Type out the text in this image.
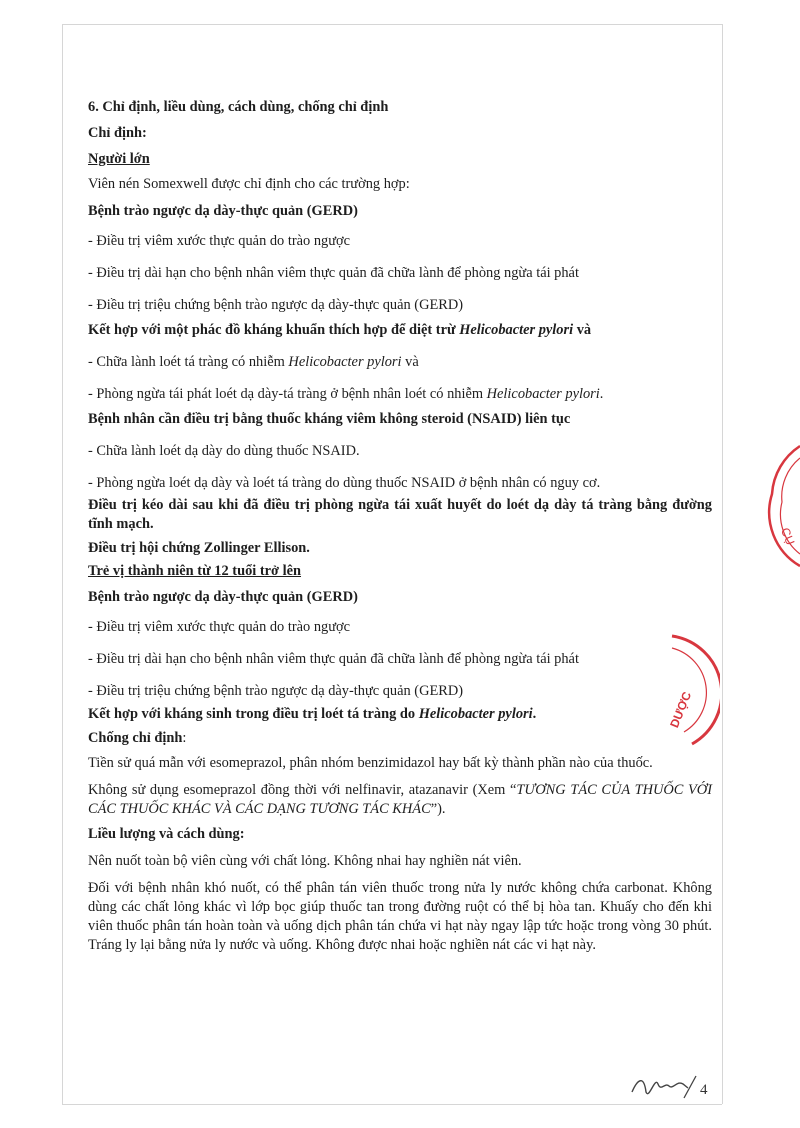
6. Chỉ định, liều dùng, cách dùng, chống chỉ định

Chỉ định:

Người lớn

Viên nén Somexwell được chỉ định cho các trường hợp:

Bệnh trào ngược dạ dày-thực quản (GERD)

- Điều trị viêm xước thực quản do trào ngược

- Điều trị dài hạn cho bệnh nhân viêm thực quản đã chữa lành để phòng ngừa tái phát

- Điều trị triệu chứng bệnh trào ngược dạ dày-thực quản (GERD)

Kết hợp với một phác đồ kháng khuẩn thích hợp để diệt trừ Helicobacter pylori và

- Chữa lành loét tá tràng có nhiễm Helicobacter pylori và

- Phòng ngừa tái phát loét dạ dày-tá tràng ở bệnh nhân loét có nhiễm Helicobacter pylori.

Bệnh nhân cần điều trị bằng thuốc kháng viêm không steroid (NSAID) liên tục

- Chữa lành loét dạ dày do dùng thuốc NSAID.

- Phòng ngừa loét dạ dày và loét tá tràng do dùng thuốc NSAID ở bệnh nhân có nguy cơ.

Điều trị kéo dài sau khi đã điều trị phòng ngừa tái xuất huyết do loét dạ dày tá tràng bằng đường tĩnh mạch.

Điều trị hội chứng Zollinger Ellison.

Trẻ vị thành niên từ 12 tuổi trở lên

Bệnh trào ngược dạ dày-thực quản (GERD)

- Điều trị viêm xước thực quản do trào ngược

- Điều trị dài hạn cho bệnh nhân viêm thực quản đã chữa lành để phòng ngừa tái phát

- Điều trị triệu chứng bệnh trào ngược dạ dày-thực quản (GERD)

Kết hợp với kháng sinh trong điều trị loét tá tràng do Helicobacter pylori.

Chống chỉ định:

Tiền sử quá mẫn với esomeprazol, phân nhóm benzimidazol hay bất kỳ thành phần nào của thuốc.

Không sử dụng esomeprazol đồng thời với nelfinavir, atazanavir (Xem “TƯƠNG TÁC CỦA THUỐC VỚI CÁC THUỐC KHÁC VÀ CÁC DẠNG TƯƠNG TÁC KHÁC”).

Liều lượng và cách dùng:

Nên nuốt toàn bộ viên cùng với chất lỏng. Không nhai hay nghiền nát viên.

Đối với bệnh nhân khó nuốt, có thể phân tán viên thuốc trong nửa ly nước không chứa carbonat. Không dùng các chất lỏng khác vì lớp bọc giúp thuốc tan trong đường ruột có thể bị hòa tan. Khuấy cho đến khi viên thuốc phân tán hoàn toàn và uống dịch phân tán chứa vi hạt này ngay lập tức hoặc trong vòng 30 phút. Tráng ly lại bằng nửa ly nước và uống. Không được nhai hoặc nghiền nát các vi hạt này.

CỤ
DƯỢC
4
